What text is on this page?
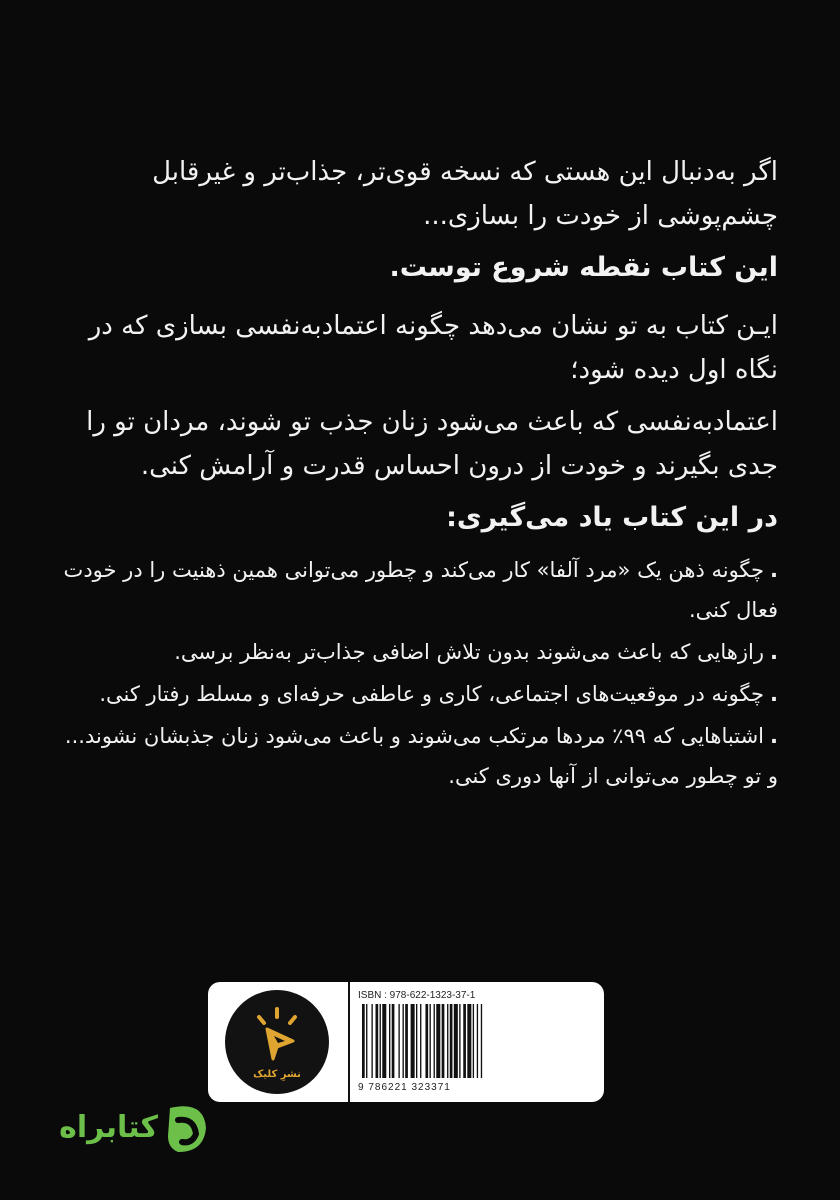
اگر به‌دنبال این هستی که نسخه قوی‌تر، جذاب‌تر و غیرقابل چشم‌پوشی از خودت را بسازی...

این کتاب نقطه شروع توست.

ایـن کتاب به تو نشان می‌دهد چگونه اعتمادبه‌نفسی بسازی که در نگاه اول دیده شود؛

اعتمادبه‌نفسی که باعث می‌شود زنان جذب تو شوند، مردان تو را جدی بگیرند و خودت از درون احساس قدرت و آرامش کنی.

در این کتاب یاد می‌گیری:
.چگونه ذهن یک «مرد آلفا» کار می‌کند و چطور می‌توانی همین ذهنیت را در خودت فعال کنی.
.رازهایی که باعث می‌شوند بدون تلاش اضافی جذاب‌تر به‌نظر برسی.
.چگونه در موقعیت‌های اجتماعی، کاری و عاطفی حرفه‌ای و مسلط رفتار کنی.
.اشتباهایی که ۹۹٪ مردها مرتکب می‌شوند و باعث می‌شود زنان جذبشان نشوند... و تو چطور می‌توانی از آنها دوری کنی.
نشرِ کلیک
ISBN : 978-622-1323-37-1
9 786221 323371
کتابراه
